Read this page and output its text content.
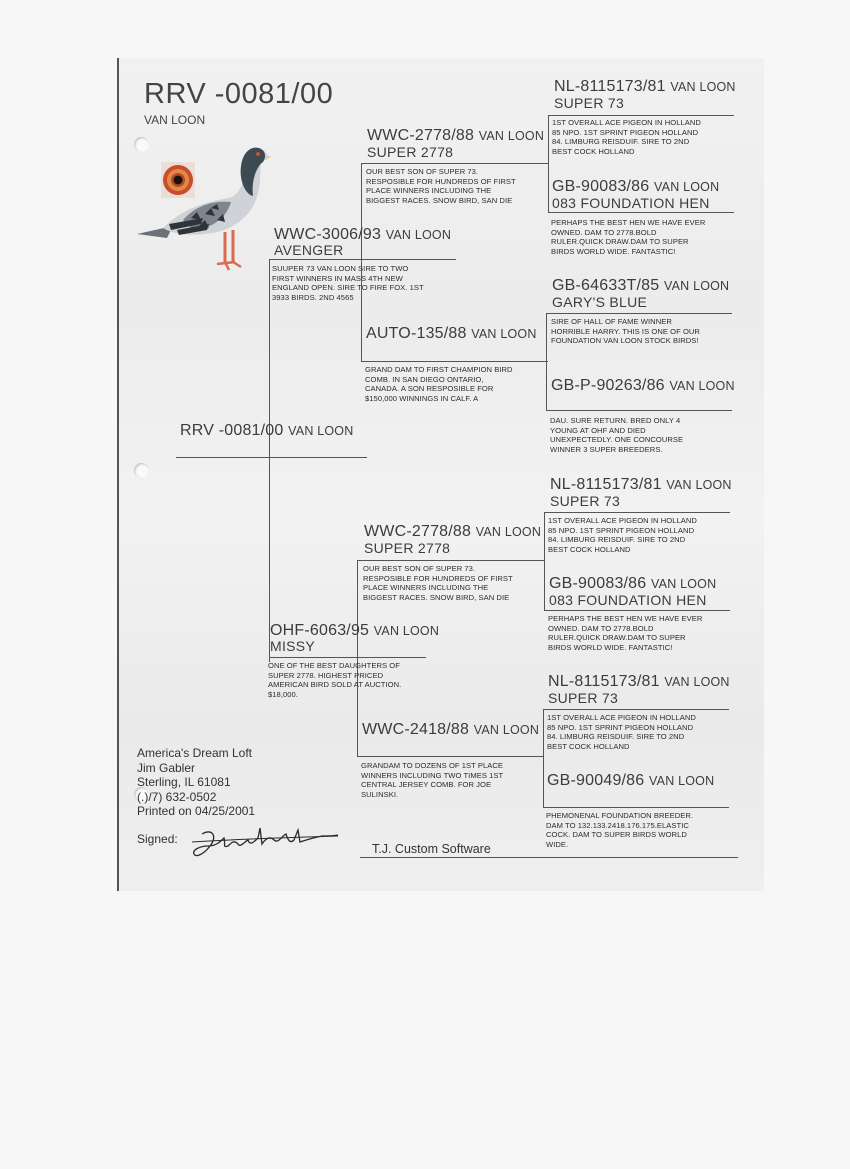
RRV -0081/00
VAN LOON
RRV -0081/00 VAN LOON
WWC-3006/93 VAN LOON
AVENGER
SUUPER 73 VAN LOON SIRE TO TWO
FIRST WINNERS IN MASS 4TH NEW
ENGLAND OPEN. SIRE TO FIRE FOX. 1ST
3933 BIRDS. 2ND 4565
OHF-6063/95 VAN LOON
MISSY
ONE OF THE BEST DAUGHTERS OF
SUPER 2778. HIGHEST PRICED
AMERICAN BIRD SOLD AT AUCTION.
$18,000.
WWC-2778/88 VAN LOON
SUPER 2778
OUR BEST SON OF SUPER 73.
RESPOSIBLE FOR HUNDREDS OF FIRST
PLACE WINNERS INCLUDING THE
BIGGEST RACES. SNOW BIRD, SAN DIE
AUTO-135/88 VAN LOON
GRAND DAM TO FIRST CHAMPION BIRD
COMB. IN SAN DIEGO ONTARIO,
CANADA. A SON RESPOSIBLE FOR
$150,000 WINNINGS IN CALF. A
WWC-2778/88 VAN LOON
SUPER 2778
OUR BEST SON OF SUPER 73.
RESPOSIBLE FOR HUNDREDS OF FIRST
PLACE WINNERS INCLUDING THE
BIGGEST RACES. SNOW BIRD, SAN DIE
WWC-2418/88 VAN LOON
GRANDAM TO DOZENS OF 1ST PLACE
WINNERS INCLUDING TWO TIMES 1ST
CENTRAL JERSEY COMB. FOR JOE
SULINSKI.
NL-8115173/81 VAN LOON
SUPER 73
1ST OVERALL ACE PIGEON IN HOLLAND
85 NPO. 1ST SPRINT PIGEON HOLLAND
84. LIMBURG REISDUIF. SIRE TO 2ND
BEST COCK HOLLAND
GB-90083/86 VAN LOON
083 FOUNDATION HEN
PERHAPS THE BEST HEN WE HAVE EVER
OWNED. DAM TO 2778.BOLD
RULER.QUICK DRAW.DAM TO SUPER
BIRDS WORLD WIDE. FANTASTIC!
GB-64633T/85 VAN LOON
GARY'S BLUE
SIRE OF HALL OF FAME WINNER
HORRIBLE HARRY. THIS IS ONE OF OUR
FOUNDATION VAN LOON STOCK BIRDS!
GB-P-90263/86 VAN LOON
DAU. SURE RETURN. BRED ONLY 4
YOUNG AT OHF AND DIED
UNEXPECTEDLY. ONE CONCOURSE
WINNER 3 SUPER BREEDERS.
NL-8115173/81 VAN LOON
SUPER 73
1ST OVERALL ACE PIGEON IN HOLLAND
85 NPO. 1ST SPRINT PIGEON HOLLAND
84. LIMBURG REISDUIF. SIRE TO 2ND
BEST COCK HOLLAND
GB-90083/86 VAN LOON
083 FOUNDATION HEN
PERHAPS THE BEST HEN WE HAVE EVER
OWNED. DAM TO 2778.BOLD
RULER.QUICK DRAW.DAM TO SUPER
BIRDS WORLD WIDE. FANTASTIC!
NL-8115173/81 VAN LOON
SUPER 73
1ST OVERALL ACE PIGEON IN HOLLAND
85 NPO. 1ST SPRINT PIGEON HOLLAND
84. LIMBURG REISDUIF. SIRE TO 2ND
BEST COCK HOLLAND
GB-90049/86 VAN LOON
PHEMONENAL FOUNDATION BREEDER.
DAM TO 132.133.2418.176.175.ELASTIC
COCK. DAM TO SUPER BIRDS WORLD
WIDE.
America's Dream Loft
Jim Gabler
Sterling, IL 61081
(.)/7) 632-0502
Printed on 04/25/2001
Signed:
T.J. Custom Software
